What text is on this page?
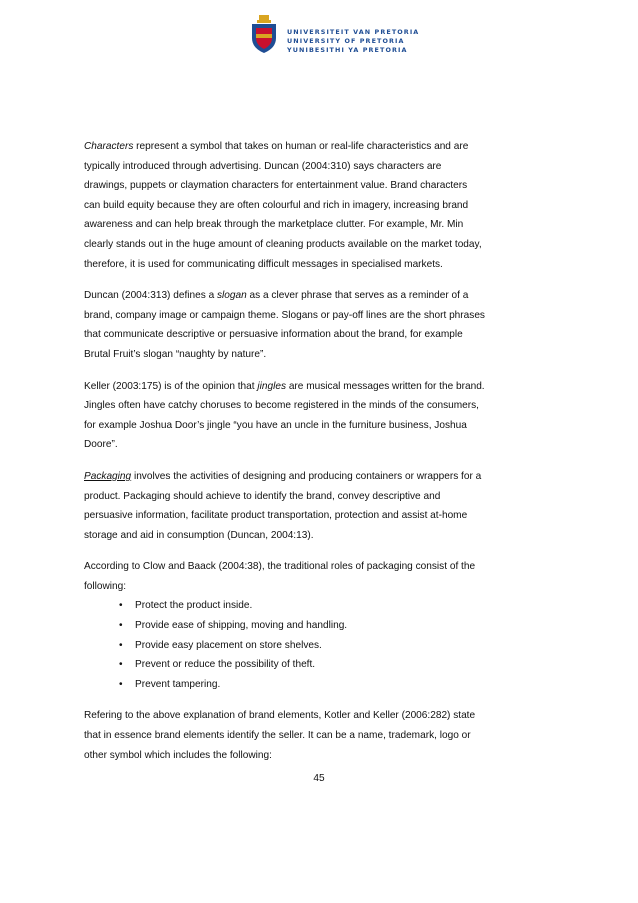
UNIVERSITEIT VAN PRETORIA
UNIVERSITY OF PRETORIA
YUNIBESITHI YA PRETORIA

Characters represent a symbol that takes on human or real-life characteristics and are typically introduced through advertising. Duncan (2004:310) says characters are drawings, puppets or claymation characters for entertainment value. Brand characters can build equity because they are often colourful and rich in imagery, increasing brand awareness and can help break through the marketplace clutter. For example, Mr. Min clearly stands out in the huge amount of cleaning products available on the market today, therefore, it is used for communicating difficult messages in specialised markets.

Duncan (2004:313) defines a slogan as a clever phrase that serves as a reminder of a brand, company image or campaign theme. Slogans or pay-off lines are the short phrases that communicate descriptive or persuasive information about the brand, for example Brutal Fruit’s slogan “naughty by nature”.

Keller (2003:175) is of the opinion that jingles are musical messages written for the brand. Jingles often have catchy choruses to become registered in the minds of the consumers, for example Joshua Door’s jingle “you have an uncle in the furniture business, Joshua Doore”.

Packaging involves the activities of designing and producing containers or wrappers for a product. Packaging should achieve to identify the brand, convey descriptive and persuasive information, facilitate product transportation, protection and assist at-home storage and aid in consumption (Duncan, 2004:13).

According to Clow and Baack (2004:38), the traditional roles of packaging consist of the following:

• Protect the product inside.
• Provide ease of shipping, moving and handling.
• Provide easy placement on store shelves.
• Prevent or reduce the possibility of theft.
• Prevent tampering.

Refering to the above explanation of brand elements, Kotler and Keller (2006:282) state that in essence brand elements identify the seller. It can be a name, trademark, logo or other symbol which includes the following:

45
